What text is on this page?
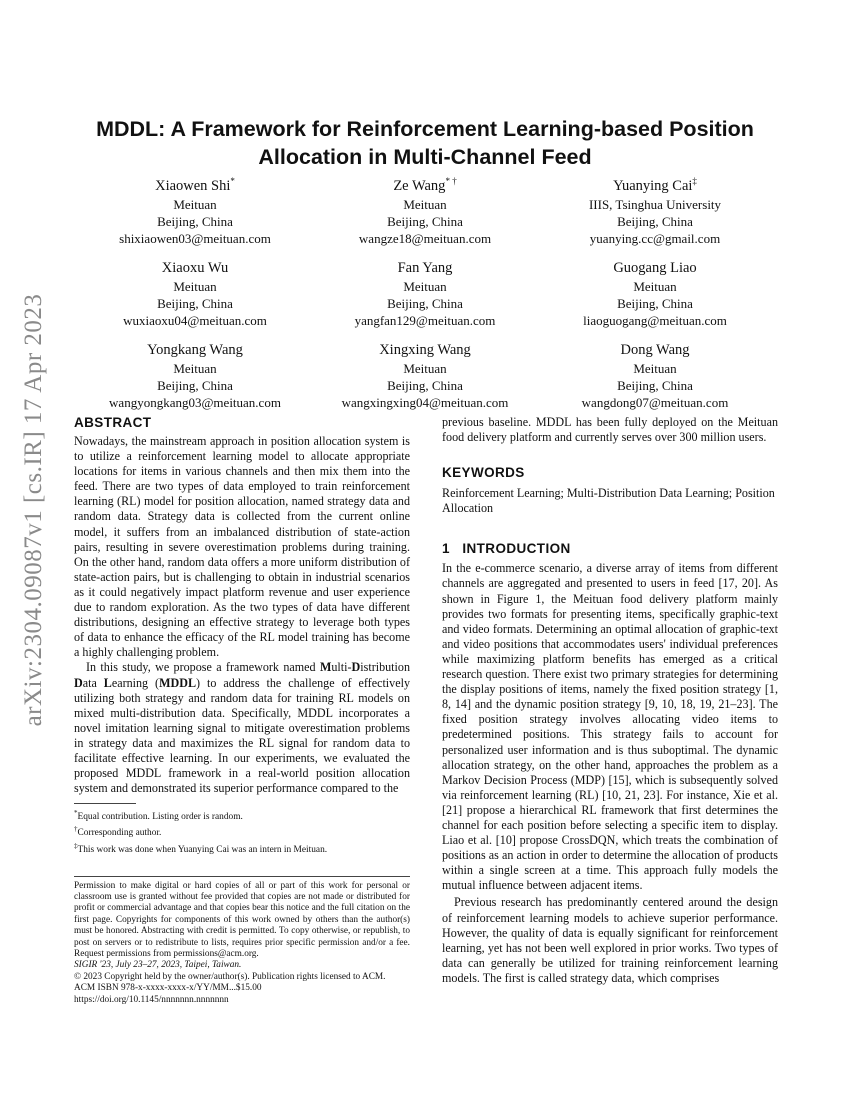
arXiv:2304.09087v1 [cs.IR] 17 Apr 2023
MDDL: A Framework for Reinforcement Learning-based Position Allocation in Multi-Channel Feed
Xiaowen Shi*
Meituan
Beijing, China
shixiaowen03@meituan.com
Ze Wang* †
Meituan
Beijing, China
wangze18@meituan.com
Yuanying Cai‡
IIIS, Tsinghua University
Beijing, China
yuanying.cc@gmail.com
Xiaoxu Wu
Meituan
Beijing, China
wuxiaoxu04@meituan.com
Fan Yang
Meituan
Beijing, China
yangfan129@meituan.com
Guogang Liao
Meituan
Beijing, China
liaoguogang@meituan.com
Yongkang Wang
Meituan
Beijing, China
wangyongkang03@meituan.com
Xingxing Wang
Meituan
Beijing, China
wangxingxing04@meituan.com
Dong Wang
Meituan
Beijing, China
wangdong07@meituan.com
ABSTRACT

Nowadays, the mainstream approach in position allocation system is to utilize a reinforcement learning model to allocate appropriate locations for items in various channels and then mix them into the feed. There are two types of data employed to train reinforcement learning (RL) model for position allocation, named strategy data and random data. Strategy data is collected from the current online model, it suffers from an imbalanced distribution of state-action pairs, resulting in severe overestimation problems during training. On the other hand, random data offers a more uniform distribution of state-action pairs, but is challenging to obtain in industrial scenarios as it could negatively impact platform revenue and user experience due to random exploration. As the two types of data have different distributions, designing an effective strategy to leverage both types of data to enhance the efficacy of the RL model training has become a highly challenging problem.

In this study, we propose a framework named Multi-Distribution Data Learning (MDDL) to address the challenge of effectively utilizing both strategy and random data for training RL models on mixed multi-distribution data. Specifically, MDDL incorporates a novel imitation learning signal to mitigate overestimation problems in strategy data and maximizes the RL signal for random data to facilitate effective learning. In our experiments, we evaluated the proposed MDDL framework in a real-world position allocation system and demonstrated its superior performance compared to the

*Equal contribution. Listing order is random.
†Corresponding author.
‡This work was done when Yuanying Cai was an intern in Meituan.
Permission to make digital or hard copies of all or part of this work for personal or classroom use is granted without fee provided that copies are not made or distributed for profit or commercial advantage and that copies bear this notice and the full citation on the first page. Copyrights for components of this work owned by others than the author(s) must be honored. Abstracting with credit is permitted. To copy otherwise, or republish, to post on servers or to redistribute to lists, requires prior specific permission and/or a fee. Request permissions from permissions@acm.org.
SIGIR '23, July 23–27, 2023, Taipei, Taiwan.
© 2023 Copyright held by the owner/author(s). Publication rights licensed to ACM.
ACM ISBN 978-x-xxxx-xxxx-x/YY/MM...$15.00
https://doi.org/10.1145/nnnnnnn.nnnnnnn

previous baseline. MDDL has been fully deployed on the Meituan food delivery platform and currently serves over 300 million users.

KEYWORDS

Reinforcement Learning; Multi-Distribution Data Learning; Position Allocation

1   INTRODUCTION

In the e-commerce scenario, a diverse array of items from different channels are aggregated and presented to users in feed [17, 20]. As shown in Figure 1, the Meituan food delivery platform mainly provides two formats for presenting items, specifically graphic-text and video formats. Determining an optimal allocation of graphic-text and video positions that accommodates users' individual preferences while maximizing platform benefits has emerged as a critical research question. There exist two primary strategies for determining the display positions of items, namely the fixed position strategy [1, 8, 14] and the dynamic position strategy [9, 10, 18, 19, 21–23]. The fixed position strategy involves allocating video items to predetermined positions. This strategy fails to account for personalized user information and is thus suboptimal. The dynamic allocation strategy, on the other hand, approaches the problem as a Markov Decision Process (MDP) [15], which is subsequently solved via reinforcement learning (RL) [10, 21, 23]. For instance, Xie et al. [21] propose a hierarchical RL framework that first determines the channel for each position before selecting a specific item to display. Liao et al. [10] propose CrossDQN, which treats the combination of positions as an action in order to determine the allocation of products within a single screen at a time. This approach fully models the mutual influence between adjacent items.

Previous research has predominantly centered around the design of reinforcement learning models to achieve superior performance. However, the quality of data is equally significant for reinforcement learning, yet has not been well explored in prior works. Two types of data can generally be utilized for training reinforcement learning models. The first is called strategy data, which comprises
